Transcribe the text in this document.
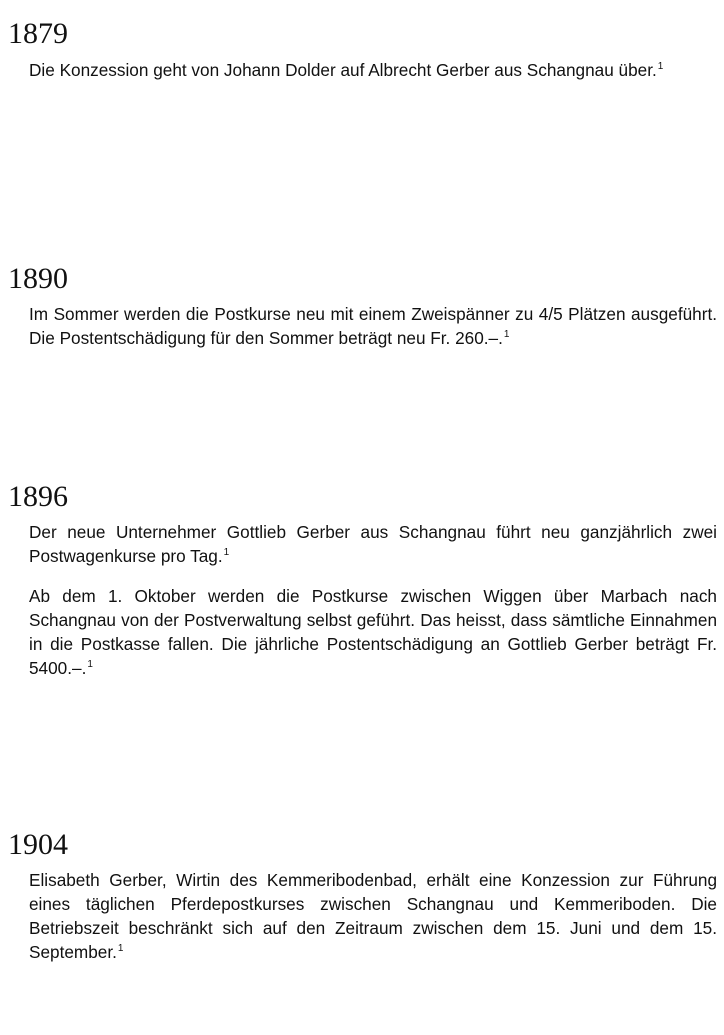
1879

Die Konzession geht von Johann Dolder auf Albrecht Gerber aus Schangnau über.$^1$

1890

Im Sommer werden die Postkurse neu mit einem Zweispänner zu 4/5 Plätzen ausgeführt. Die Postentschädigung für den Sommer beträgt neu Fr. 260.–.$^1$

1896

Der neue Unternehmer Gottlieb Gerber aus Schangnau führt neu ganzjährlich zwei Postwagenkurse pro Tag.$^1$

Ab dem 1. Oktober werden die Postkurse zwischen Wiggen über Marbach nach Schangnau von der Postverwaltung selbst geführt. Das heisst, dass sämtliche Einnahmen in die Postkasse fallen. Die jährliche Postentschädigung an Gottlieb Gerber beträgt Fr. 5400.–.$^1$

1904

Elisabeth Gerber, Wirtin des Kemmeribodenbad, erhält eine Konzession zur Führung eines täglichen Pferdepostkurses zwischen Schangnau und Kemmeriboden. Die Betriebszeit beschränkt sich auf den Zeitraum zwischen dem 15. Juni und dem 15. September.$^1$
